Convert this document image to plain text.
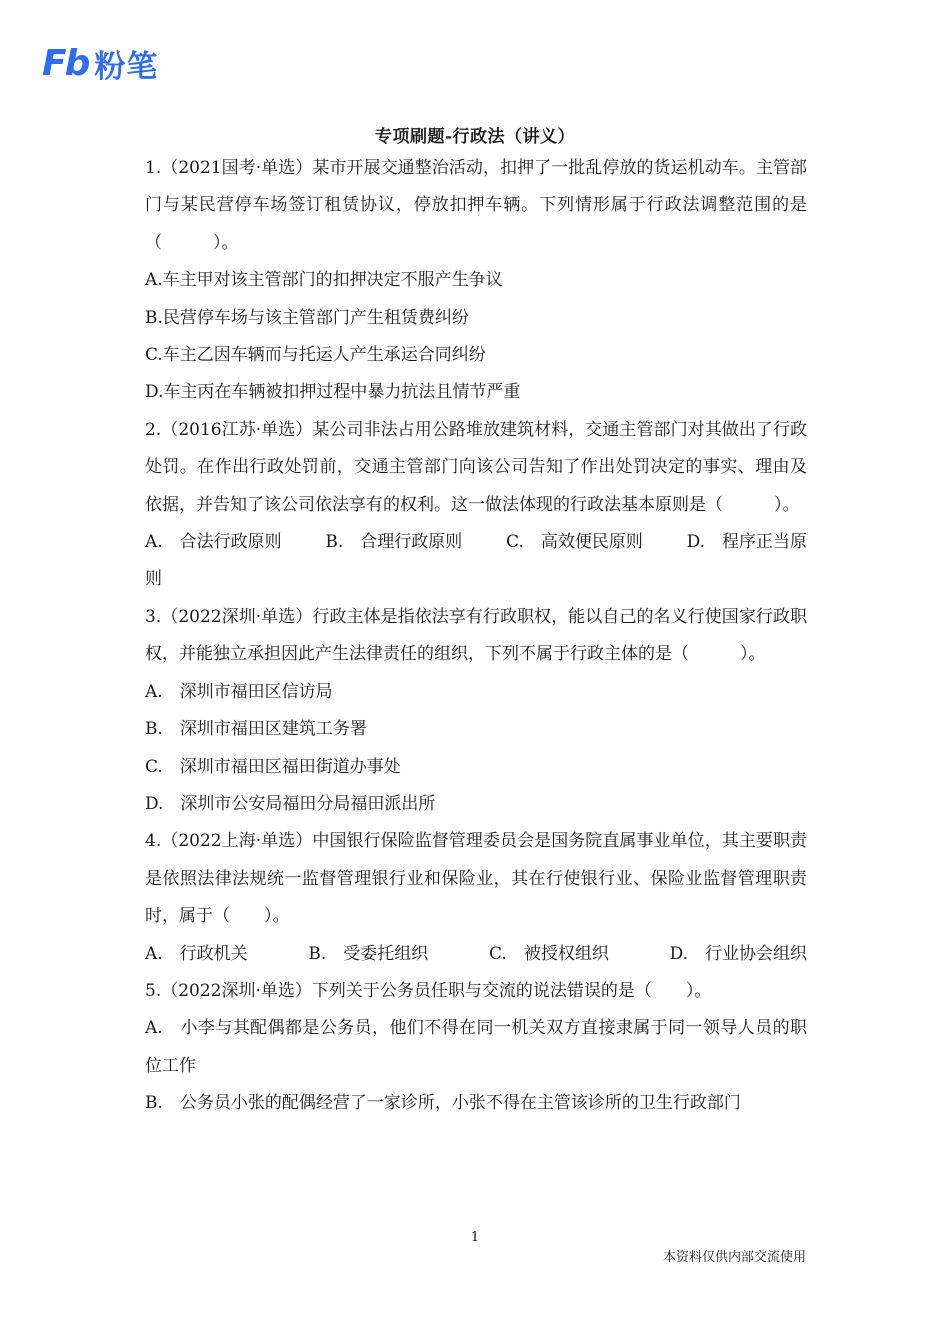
Fb 粉笔
专项刷题-行政法（讲义）

1.（2021国考·单选）某市开展交通整治活动，扣押了一批乱停放的货运机动车。主管部门与某民营停车场签订租赁协议，停放扣押车辆。下列情形属于行政法调整范围的是（　　　）。

A.车主甲对该主管部门的扣押决定不服产生争议

B.民营停车场与该主管部门产生租赁费纠纷

C.车主乙因车辆而与托运人产生承运合同纠纷

D.车主丙在车辆被扣押过程中暴力抗法且情节严重

2.（2016江苏·单选）某公司非法占用公路堆放建筑材料，交通主管部门对其做出了行政处罚。在作出行政处罚前，交通主管部门向该公司告知了作出处罚决定的事实、理由及依据，并告知了该公司依法享有的权利。这一做法体现的行政法基本原则是（　　　）。

A.　合法行政原则	B.　合理行政原则	C.　高效便民原则	D.　程序正当原

则

3.（2022深圳·单选）行政主体是指依法享有行政职权，能以自己的名义行使国家行政职权，并能独立承担因此产生法律责任的组织，下列不属于行政主体的是（　　　）。

A.　深圳市福田区信访局

B.　深圳市福田区建筑工务署

C.　深圳市福田区福田街道办事处

D.　深圳市公安局福田分局福田派出所

4.（2022上海·单选）中国银行保险监督管理委员会是国务院直属事业单位，其主要职责是依照法律法规统一监督管理银行业和保险业，其在行使银行业、保险业监督管理职责时，属于（　　）。

A.　行政机关	B.　受委托组织	C.　被授权组织	D.　行业协会组织

5.（2022深圳·单选）下列关于公务员任职与交流的说法错误的是（　　）。

A.　小李与其配偶都是公务员，他们不得在同一机关双方直接隶属于同一领导人员的职位工作

B.　公务员小张的配偶经营了一家诊所，小张不得在主管该诊所的卫生行政部门

1
本资料仅供内部交流使用
